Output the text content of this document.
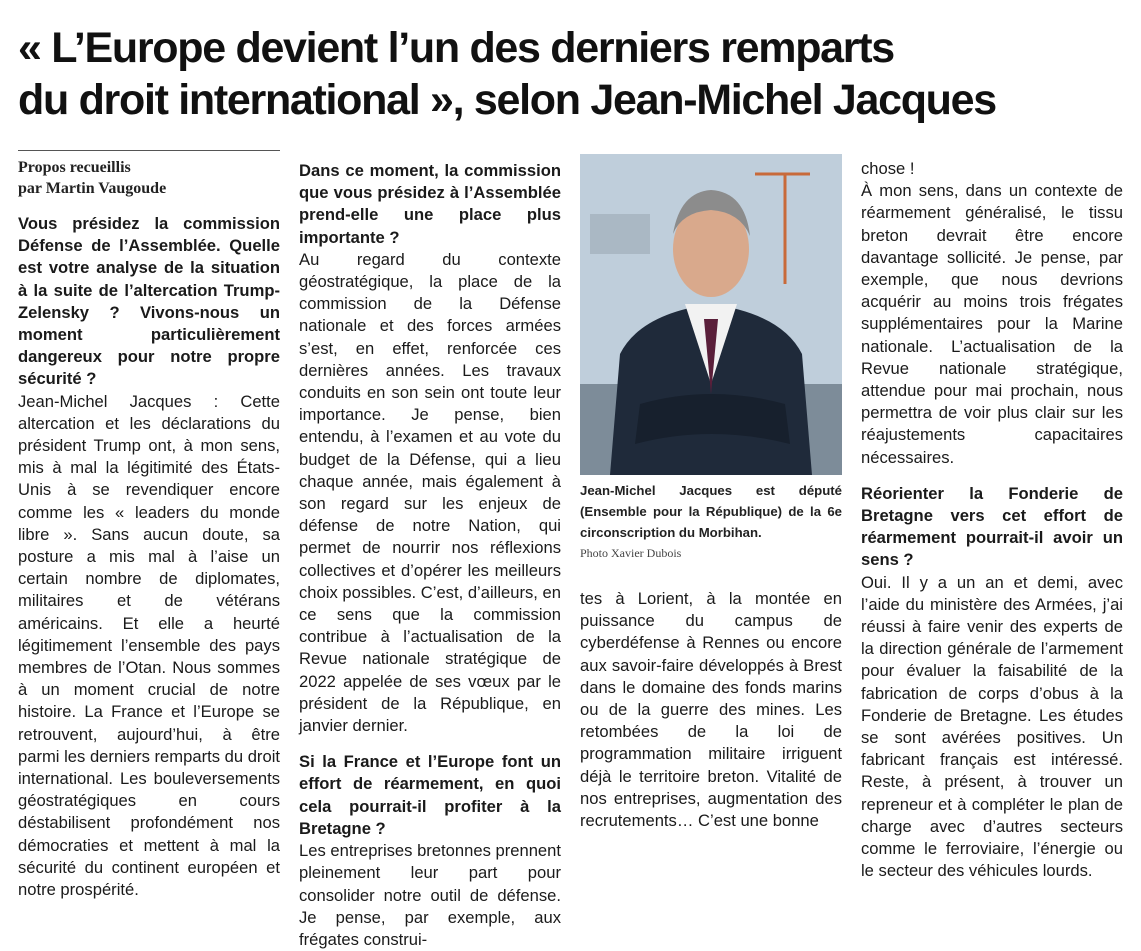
« L’Europe devient l’un des derniers remparts
du droit international », selon Jean-Michel Jacques
Propos recueillis
par Martin Vaugoude

Vous présidez la commission Défense de l’Assemblée. Quelle est votre analyse de la situation à la suite de l’altercation Trump-Zelensky ? Vivons-nous un moment particulièrement dangereux pour notre propre sécurité ?

Jean-Michel Jacques : Cette altercation et les déclarations du président Trump ont, à mon sens, mis à mal la légitimité des États-Unis à se revendiquer encore comme les « leaders du monde libre ». Sans aucun doute, sa posture a mis mal à l’aise un certain nombre de diplomates, militaires et de vétérans américains. Et elle a heurté légitimement l’ensemble des pays membres de l’Otan. Nous sommes à un moment crucial de notre histoire. La France et l’Europe se retrouvent, aujourd’hui, à être parmi les derniers remparts du droit international. Les bouleversements géostratégiques en cours déstabilisent profondément nos démocraties et mettent à mal la sécurité du continent européen et notre prospérité.

Dans ce moment, la commission que vous présidez à l’Assemblée prend-elle une place plus importante ?

Au regard du contexte géostratégique, la place de la commission de la Défense nationale et des forces armées s’est, en effet, renforcée ces dernières années. Les travaux conduits en son sein ont toute leur importance. Je pense, bien entendu, à l’examen et au vote du budget de la Défense, qui a lieu chaque année, mais également à son regard sur les enjeux de défense de notre Nation, qui permet de nourrir nos réflexions collectives et d’opérer les meilleurs choix possibles. C’est, d’ailleurs, en ce sens que la commission contribue à l’actualisation de la Revue nationale stratégique de 2022 appelée de ses vœux par le président de la République, en janvier dernier.

Si la France et l’Europe font un effort de réarmement, en quoi cela pourrait-il profiter à la Bretagne ?

Les entreprises bretonnes prennent pleinement leur part pour consolider notre outil de défense. Je pense, par exemple, aux frégates construi-

Jean-Michel Jacques est député (Ensemble pour la République) de la 6e circonscription du Morbihan.
Photo Xavier Dubois

tes à Lorient, à la montée en puissance du campus de cyberdéfense à Rennes ou encore aux savoir-faire développés à Brest dans le domaine des fonds marins ou de la guerre des mines. Les retombées de la loi de programmation militaire irriguent déjà le territoire breton. Vitalité de nos entreprises, augmentation des recrutements… C’est une bonne

chose !

À mon sens, dans un contexte de réarmement généralisé, le tissu breton devrait être encore davantage sollicité. Je pense, par exemple, que nous devrions acquérir au moins trois frégates supplémentaires pour la Marine nationale. L’actualisation de la Revue nationale stratégique, attendue pour mai prochain, nous permettra de voir plus clair sur les réajustements capacitaires nécessaires.

Réorienter la Fonderie de Bretagne vers cet effort de réarmement pourrait-il avoir un sens ?

Oui. Il y a un an et demi, avec l’aide du ministère des Armées, j’ai réussi à faire venir des experts de la direction générale de l’armement pour évaluer la faisabilité de la fabrication de corps d’obus à la Fonderie de Bretagne. Les études se sont avérées positives. Un fabricant français est intéressé. Reste, à présent, à trouver un repreneur et à compléter le plan de charge avec d’autres secteurs comme le ferroviaire, l’énergie ou le secteur des véhicules lourds.
